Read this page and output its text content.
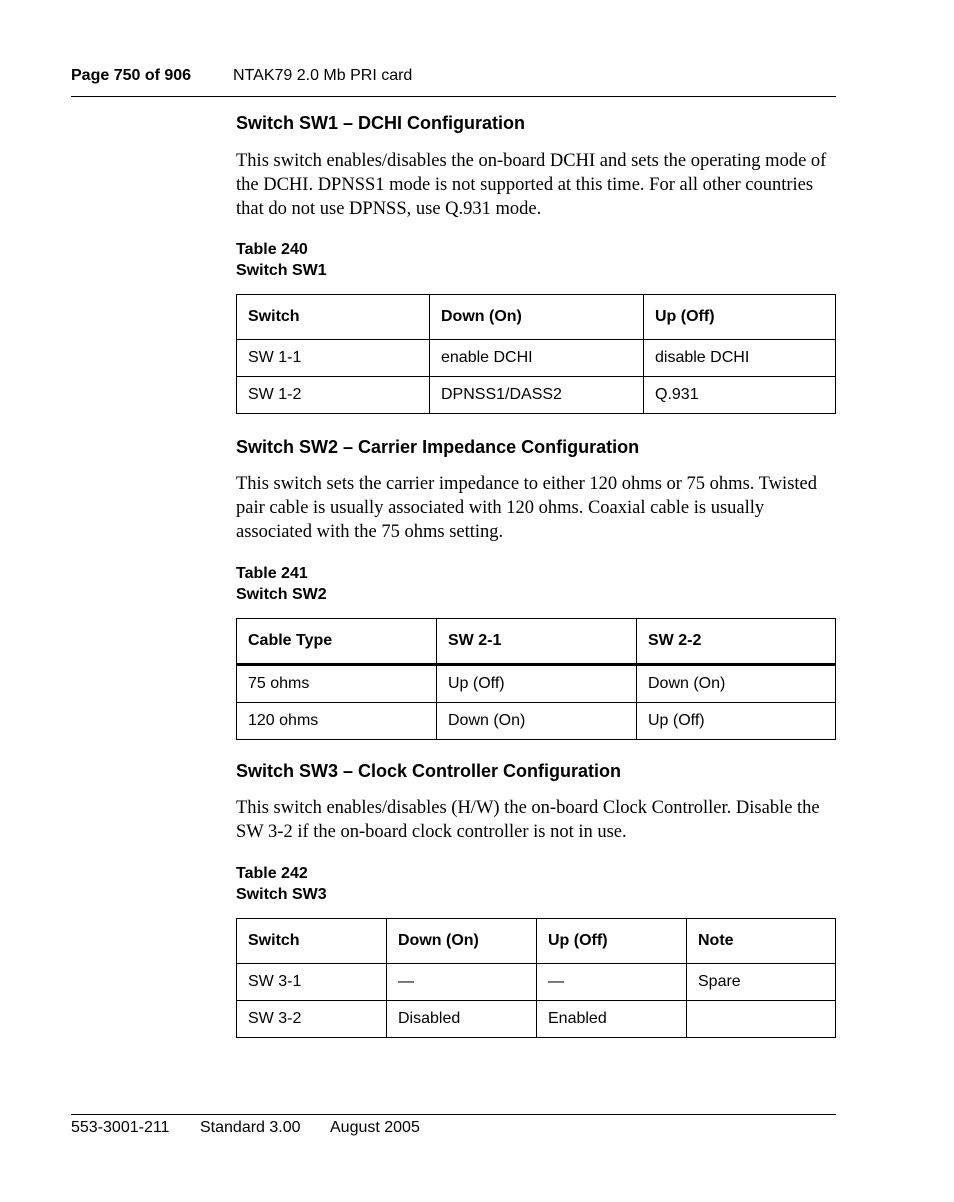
Page 750 of 906	NTAK79 2.0 Mb PRI card
Switch SW1 – DCHI Configuration
This switch enables/disables the on-board DCHI and sets the operating mode of the DCHI. DPNSS1 mode is not supported at this time. For all other countries that do not use DPNSS, use Q.931 mode.
Table 240
Switch SW1
Switch	Down (On)	Up (Off)
SW 1-1	enable DCHI	disable DCHI
SW 1-2	DPNSS1/DASS2	Q.931
Switch SW2 – Carrier Impedance Configuration
This switch sets the carrier impedance to either 120 ohms or 75 ohms. Twisted pair cable is usually associated with 120 ohms. Coaxial cable is usually associated with the 75 ohms setting.
Table 241
Switch SW2
Cable Type	SW 2-1	SW 2-2
75 ohms	Up (Off)	Down (On)
120 ohms	Down (On)	Up (Off)
Switch SW3 – Clock Controller Configuration
This switch enables/disables (H/W) the on-board Clock Controller. Disable the SW 3-2 if the on-board clock controller is not in use.
Table 242
Switch SW3
Switch	Down (On)	Up (Off)	Note
SW 3-1	—	—	Spare
SW 3-2	Disabled	Enabled	
553-3001-211 Standard 3.00 August 2005
